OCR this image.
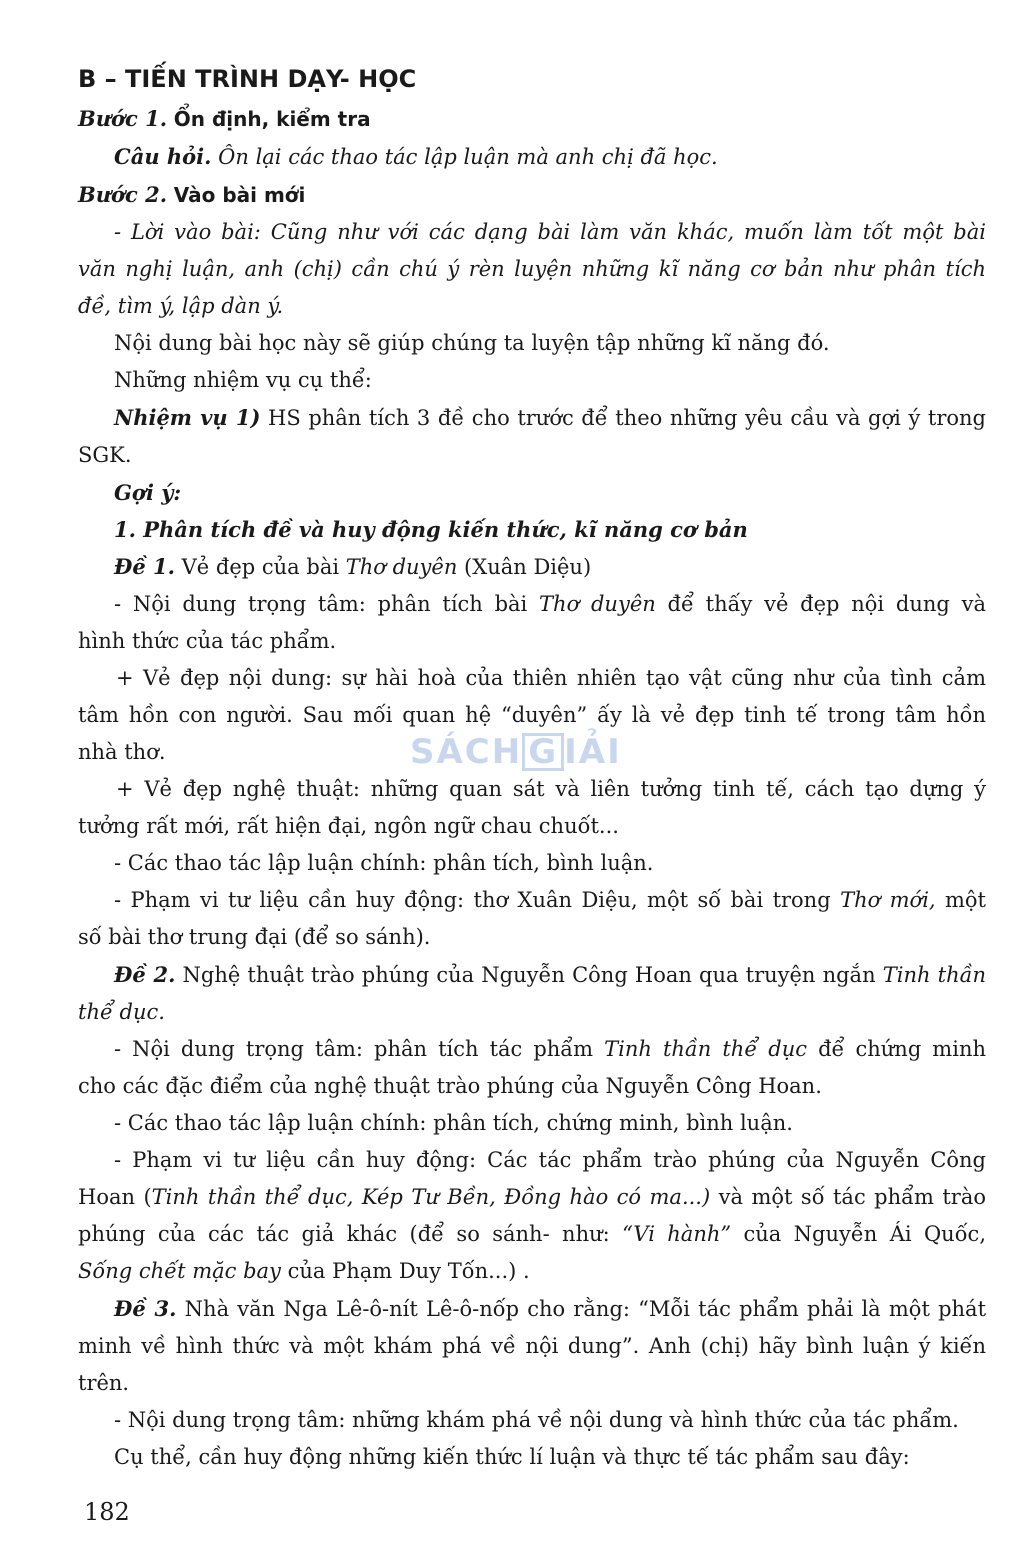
B – TIẾN TRÌNH DẠY- HỌC

Bước 1. Ổn định, kiểm tra

Câu hỏi. Ôn lại các thao tác lập luận mà anh chị đã học.

Bước 2. Vào bài mới

- Lời vào bài: Cũng như với các dạng bài làm văn khác, muốn làm tốt một bài

văn nghị luận, anh (chị) cần chú ý rèn luyện những kĩ năng cơ bản như phân tích

đề, tìm ý, lập dàn ý.

Nội dung bài học này sẽ giúp chúng ta luyện tập những kĩ năng đó.

Những nhiệm vụ cụ thể:

Nhiệm vụ 1) HS phân tích 3 đề cho trước để theo những yêu cầu và gợi ý trong

SGK.

Gợi ý:

1. Phân tích đề và huy động kiến thức, kĩ năng cơ bản

Đề 1. Vẻ đẹp của bài Thơ duyên (Xuân Diệu)

- Nội dung trọng tâm: phân tích bài Thơ duyên để thấy vẻ đẹp nội dung và

hình thức của tác phẩm.

+ Vẻ đẹp nội dung: sự hài hoà của thiên nhiên tạo vật cũng như của tình cảm

tâm hồn con người. Sau mối quan hệ “duyên” ấy là vẻ đẹp tinh tế trong tâm hồn

nhà thơ.

+ Vẻ đẹp nghệ thuật: những quan sát và liên tưởng tinh tế, cách tạo dựng ý

tưởng rất mới, rất hiện đại, ngôn ngữ chau chuốt...

- Các thao tác lập luận chính: phân tích, bình luận.

- Phạm vi tư liệu cần huy động: thơ Xuân Diệu, một số bài trong Thơ mới, một

số bài thơ trung đại (để so sánh).

Đề 2. Nghệ thuật trào phúng của Nguyễn Công Hoan qua truyện ngắn Tinh thần

thể dục.

- Nội dung trọng tâm: phân tích tác phẩm Tinh thần thể dục để chứng minh

cho các đặc điểm của nghệ thuật trào phúng của Nguyễn Công Hoan.

- Các thao tác lập luận chính: phân tích, chứng minh, bình luận.

- Phạm vi tư liệu cần huy động: Các tác phẩm trào phúng của Nguyễn Công

Hoan (Tinh thần thể dục, Kép Tư Bền, Đồng hào có ma...) và một số tác phẩm trào

phúng của các tác giả khác (để so sánh- như: “Vi hành” của Nguyễn Ái Quốc,

Sống chết mặc bay của Phạm Duy Tốn...) .

Đề 3. Nhà văn Nga Lê-ô-nít Lê-ô-nốp cho rằng: “Mỗi tác phẩm phải là một phát

minh về hình thức và một khám phá về nội dung”. Anh (chị) hãy bình luận ý kiến

trên.

- Nội dung trọng tâm: những khám phá về nội dung và hình thức của tác phẩm.

Cụ thể, cần huy động những kiến thức lí luận và thực tế tác phẩm sau đây:

SÁCH G IẢI
182
